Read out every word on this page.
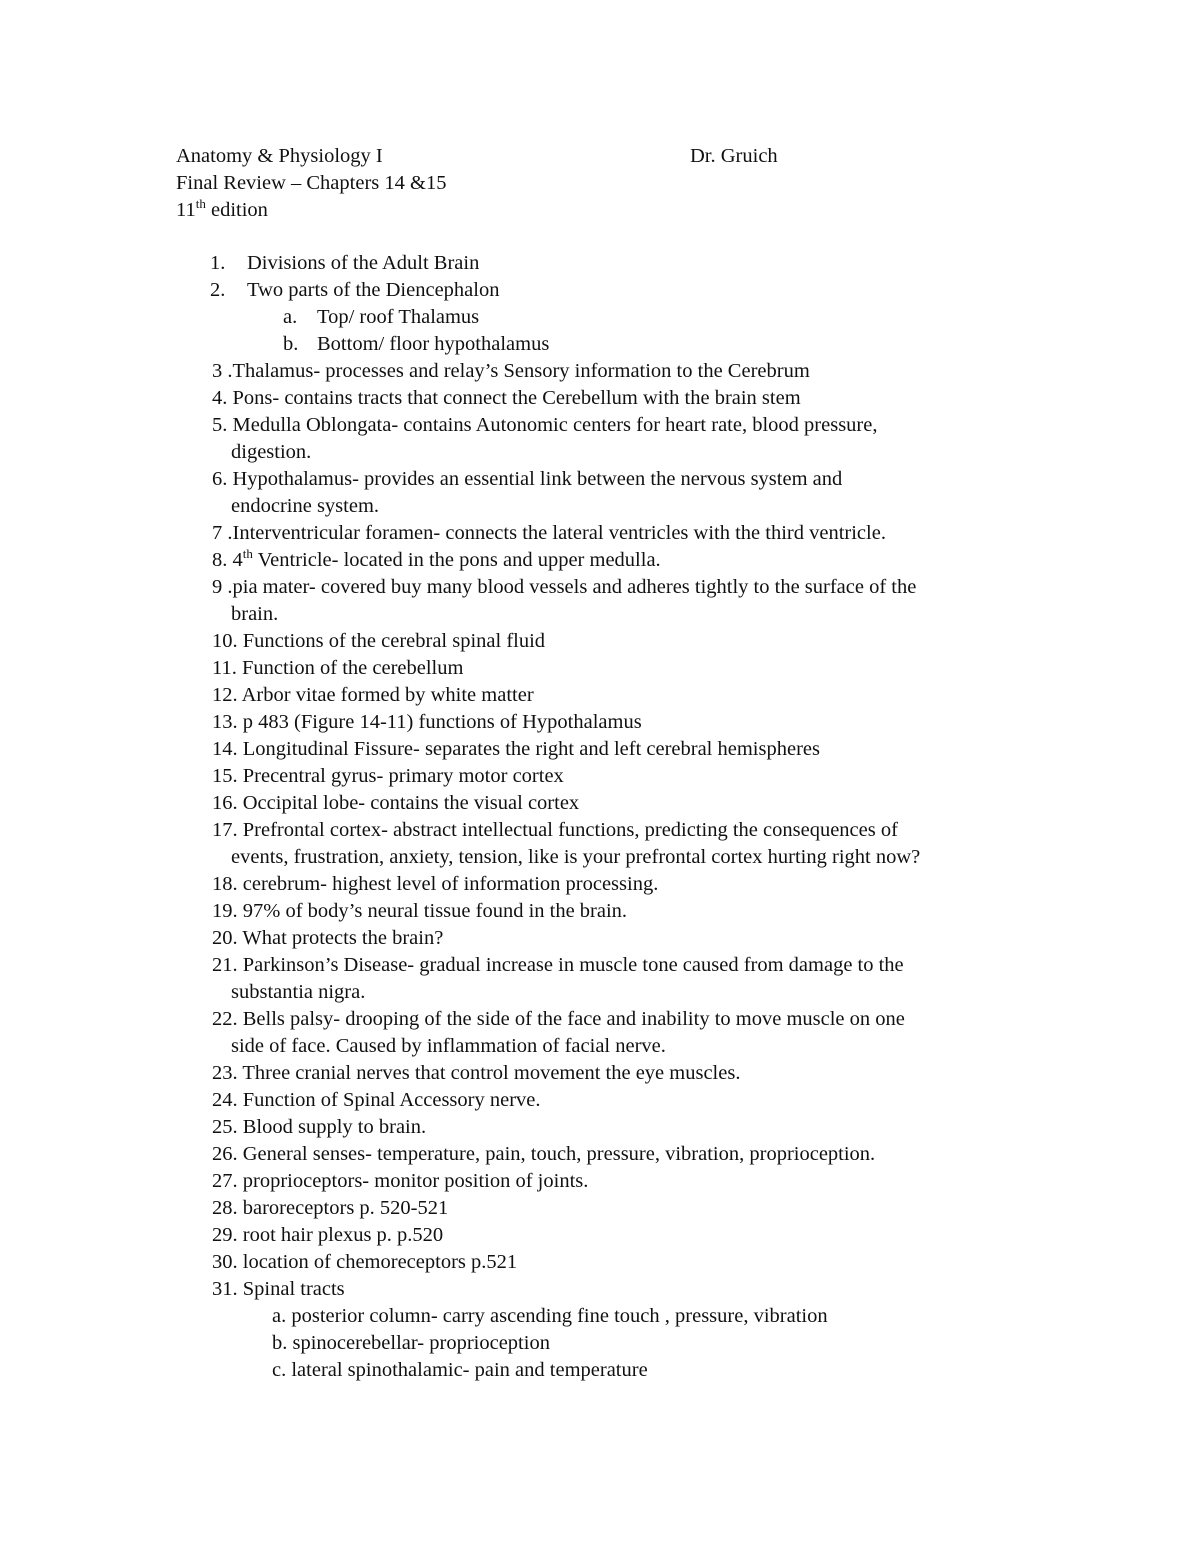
Anatomy & Physiology I	Dr. Gruich
Final Review – Chapters 14 &15
11th edition
1. Divisions of the Adult Brain
2. Two parts of the Diencephalon
a. Top/ roof Thalamus
b. Bottom/ floor hypothalamus
3 .Thalamus- processes and relay’s Sensory information to the Cerebrum
4. Pons- contains tracts that connect the Cerebellum with the brain stem
5. Medulla Oblongata- contains Autonomic centers for heart rate, blood pressure,
digestion.
6. Hypothalamus- provides an essential link between the nervous system and
endocrine system.
7 .Interventricular foramen- connects the lateral ventricles with the third ventricle.
8. 4th Ventricle- located in the pons and upper medulla.
9 .pia mater- covered buy many blood vessels and adheres tightly to the surface of the
brain.
10. Functions of the cerebral spinal fluid
11. Function of the cerebellum
12. Arbor vitae formed by white matter
13. p 483 (Figure 14-11) functions of Hypothalamus
14. Longitudinal Fissure- separates the right and left cerebral hemispheres
15. Precentral gyrus- primary motor cortex
16. Occipital lobe- contains the visual cortex
17. Prefrontal cortex- abstract intellectual functions, predicting the consequences of
events, frustration, anxiety, tension, like is your prefrontal cortex hurting right now?
18. cerebrum- highest level of information processing.
19. 97% of body’s neural tissue found in the brain.
20. What protects the brain?
21. Parkinson’s Disease- gradual increase in muscle tone caused from damage to the
substantia nigra.
22. Bells palsy- drooping of the side of the face and inability to move muscle on one
side of face. Caused by inflammation of facial nerve.
23. Three cranial nerves that control movement the eye muscles.
24. Function of Spinal Accessory nerve.
25. Blood supply to brain.
26. General senses- temperature, pain, touch, pressure, vibration, proprioception.
27. proprioceptors- monitor position of joints.
28. baroreceptors p. 520-521
29. root hair plexus p. p.520
30. location of chemoreceptors p.521
31. Spinal tracts
a. posterior column- carry ascending fine touch , pressure, vibration
b. spinocerebellar- proprioception
c. lateral spinothalamic- pain and temperature
